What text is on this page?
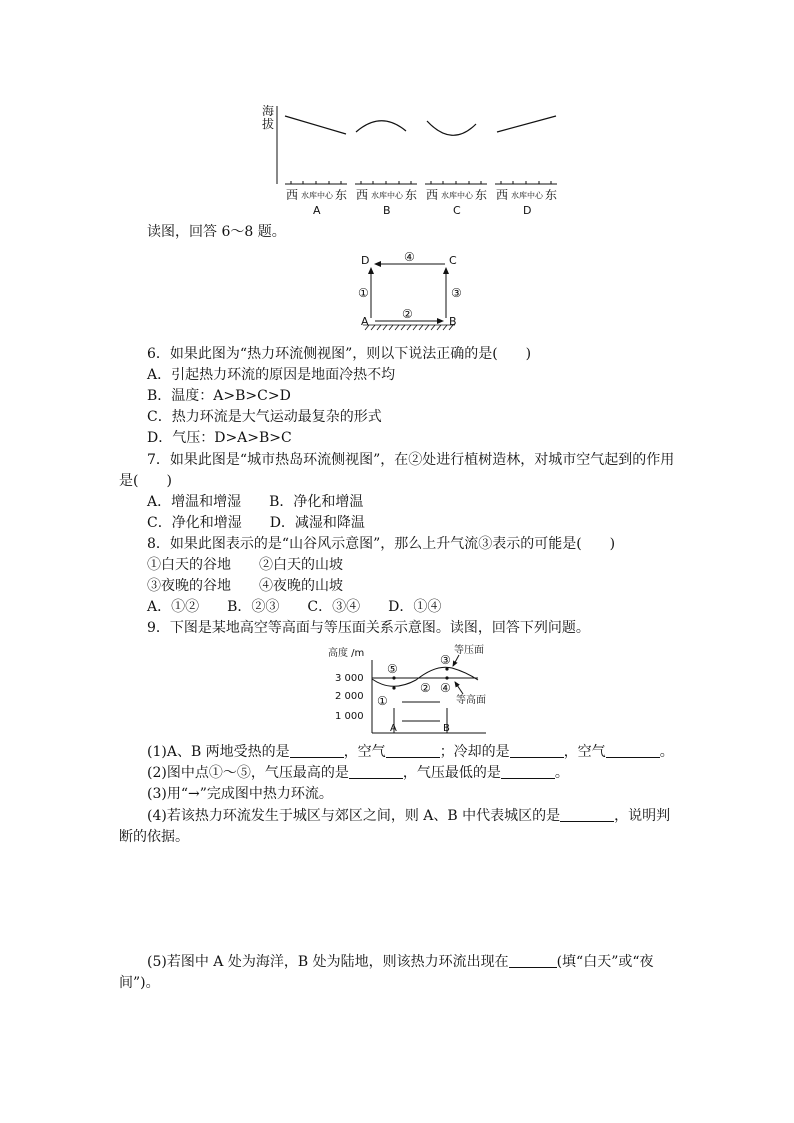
海
拔
西 水库中心 东
A
西 水库中心 东
B
西 水库中心 东
C
西 水库中心 东
D
读图，回答 6～8 题。
D	C
A	B
④
①	③
②
6．如果此图为“热力环流侧视图”，则以下说法正确的是(　　)
A．引起热力环流的原因是地面冷热不均
B．温度：A>B>C>D
C．热力环流是大气运动最复杂的形式
D．气压：D>A>B>C
7．如果此图是“城市热岛环流侧视图”，在②处进行植树造林，对城市空气起到的作用
是(　　)
A．增温和增湿　　B．净化和增温
C．净化和增湿　　D．减湿和降温
8．如果此图表示的是“山谷风示意图”，那么上升气流③表示的可能是(　　)
①白天的谷地　　②白天的山坡
③夜晚的谷地　　④夜晚的山坡
A．①②　　B．②③　　C．③④　　D．①④
9．下图是某地高空等高面与等压面关系示意图。读图，回答下列问题。
高度 /m
3 000
2 000
1 000
⑤
③
② ④
①
等压面
等高面
A	B
(1)A、B 两地受热的是	，空气	；冷却的是	，空气	。
(2)图中点①～⑤，气压最高的是	，气压最低的是	。
(3)用“→”完成图中热力环流。
(4)若该热力环流发生于城区与郊区之间，则 A、B 中代表城区的是	，说明判
断的依据。
(5)若图中 A 处为海洋，B 处为陆地，则该热力环流出现在	(填“白天”或“夜
间”)。
